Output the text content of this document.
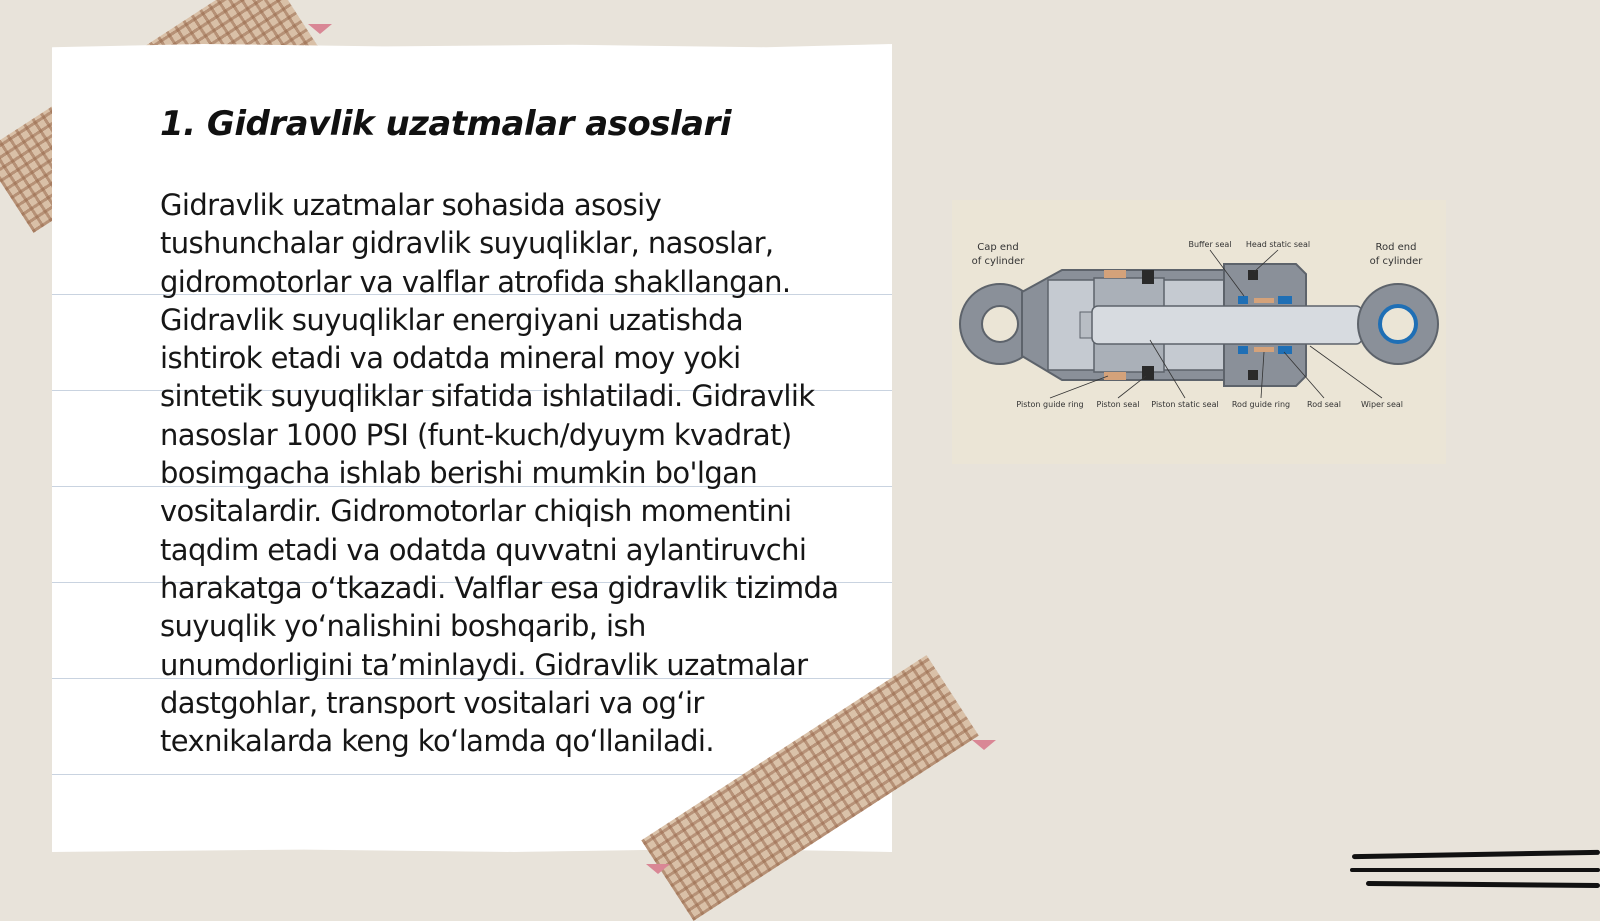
1. Gidravlik uzatmalar asoslari

Gidravlik uzatmalar sohasida asosiy tushunchalar gidravlik suyuqliklar, nasoslar, gidromotorlar va valflar atrofida shakllangan. Gidravlik suyuqliklar energiyani uzatishda ishtirok etadi va odatda mineral moy yoki sintetik suyuqliklar sifatida ishlatiladi. Gidravlik nasoslar 1000 PSI (funt-kuch/dyuym kvadrat) bosimgacha ishlab berishi mumkin bo'lgan vositalardir. Gidromotorlar chiqish momentini taqdim etadi va odatda quvvatni aylantiruvchi harakatga o‘tkazadi. Valflar esa gidravlik tizimda suyuqlik yo‘nalishini boshqarib, ish unumdorligini ta’minlaydi. Gidravlik uzatmalar dastgohlar, transport vositalari va og‘ir texnikalarda keng ko‘lamda qo‘llaniladi.

Cap end
of cylinder
Rod end
of cylinder
Buffer seal Head static seal
Piston guide ring Piston seal Piston static seal Rod guide ring Rod seal	Wiper seal
